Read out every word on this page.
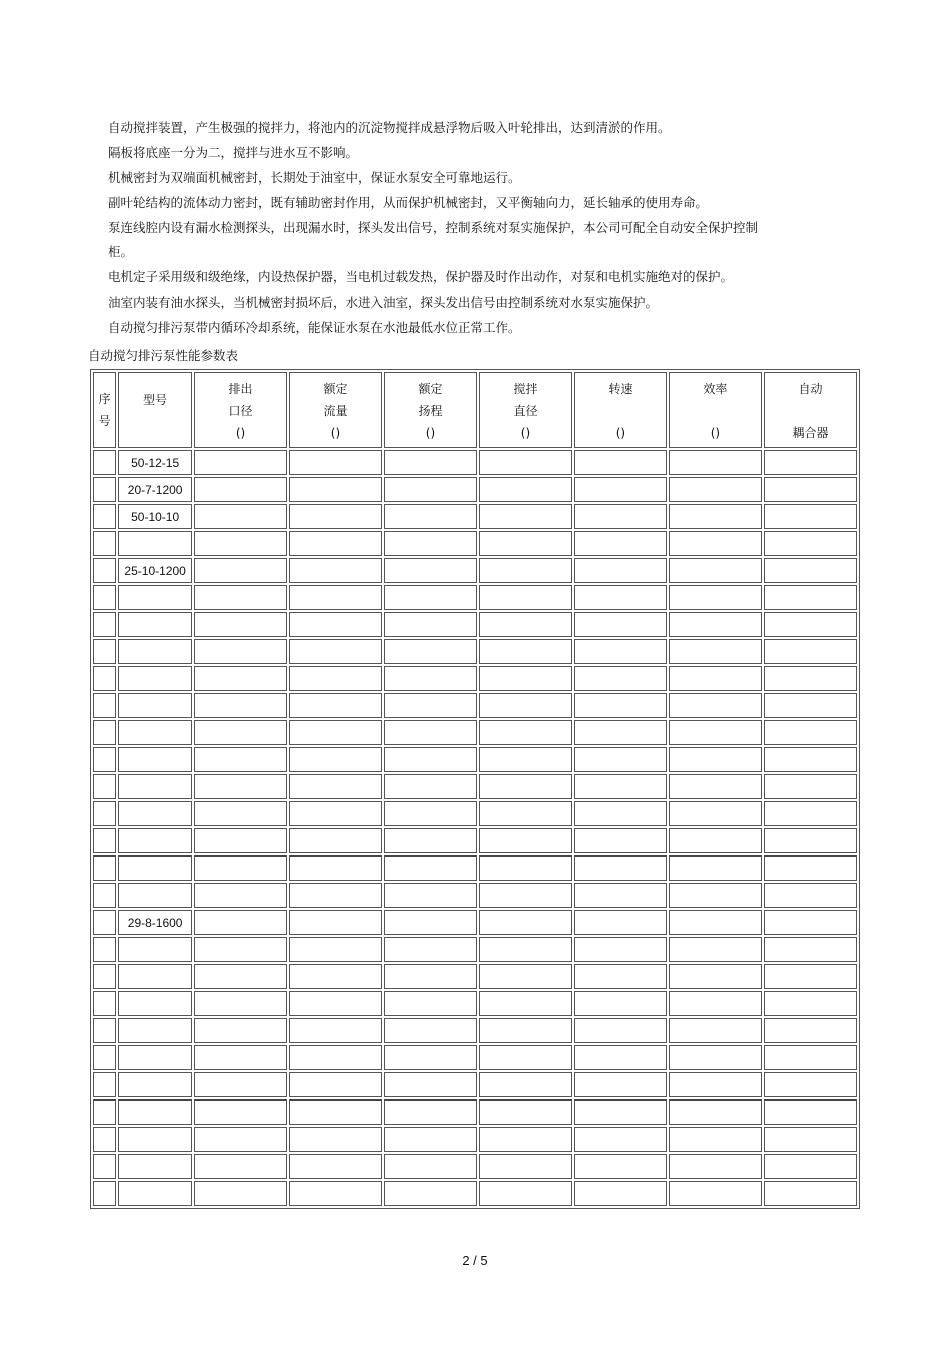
自动搅拌装置，产生极强的搅拌力，将池内的沉淀物搅拌成悬浮物后吸入叶轮排出，达到清淤的作用。
隔板将底座一分为二，搅拌与进水互不影响。
机械密封为双端面机械密封，长期处于油室中，保证水泵安全可靠地运行。
副叶轮结构的流体动力密封，既有辅助密封作用，从而保护机械密封，又平衡轴向力，延长轴承的使用寿命。
泵连线腔内设有漏水检测探头，出现漏水时，探头发出信号，控制系统对泵实施保护，本公司可配全自动安全保护控制
柜。
电机定子采用级和级绝缘，内设热保护器，当电机过载发热，保护器及时作出动作，对泵和电机实施绝对的保护。
油室内装有油水探头，当机械密封损坏后，水进入油室，探头发出信号由控制系统对水泵实施保护。
自动搅匀排污泵带内循环冷却系统，能保证水泵在水池最低水位正常工作。
自动搅匀排污泵性能参数表
序
号	型号	排出
口径
()	额定
流量
()	额定
扬程
()	搅拌
直径
()	转速
()	效率
()	自动
耦合器

	50-12-15							
	20-7-1200							
	50-10-10							

	25-10-1200							

	29-8-1600							

2 / 5
